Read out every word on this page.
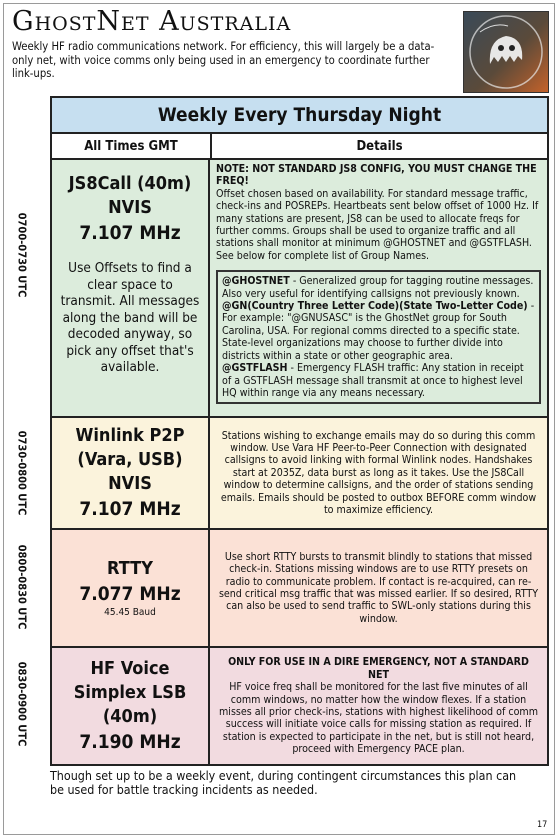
GhostNet Australia
Weekly HF radio communications network. For efficiency, this will largely be a data-only net, with voice comms only being used in an emergency to coordinate further link-ups.
Weekly Every Thursday Night
All Times GMT	Details
JS8Call (40m) NVIS
7.107 MHz
Use Offsets to find a clear space to transmit. All messages along the band will be decoded anyway, so pick any offset that's available.
NOTE: NOT STANDARD JS8 CONFIG, YOU MUST CHANGE THE FREQ!
Offset chosen based on availability. For standard message traffic, check-ins and POSREPs. Heartbeats sent below offset of 1000 Hz. If many stations are present, JS8 can be used to allocate freqs for further comms. Groups shall be used to organize traffic and all stations shall monitor at minimum @GHOSTNET and @GSTFLASH. See below for complete list of Group Names.
@GHOSTNET - Generalized group for tagging routine messages. Also very useful for identifying callsigns not previously known.
@GN(Country Three Letter Code)(State Two-Letter Code) - For example: "@GNUSASC" is the GhostNet group for South Carolina, USA. For regional comms directed to a specific state. State-level organizations may choose to further divide into districts within a state or other geographic area.
@GSTFLASH - Emergency FLASH traffic: Any station in receipt of a GSTFLASH message shall transmit at once to highest level HQ within range via any means necessary.
Winlink P2P (Vara, USB) NVIS
7.107 MHz
Stations wishing to exchange emails may do so during this comm window. Use Vara HF Peer-to-Peer Connection with designated callsigns to avoid linking with formal Winlink nodes. Handshakes start at 2035Z, data burst as long as it takes. Use the JS8Call window to determine callsigns, and the order of stations sending emails. Emails should be posted to outbox BEFORE comm window to maximize efficiency.
RTTY
7.077 MHz
45.45 Baud
Use short RTTY bursts to transmit blindly to stations that missed check-in. Stations missing windows are to use RTTY presets on radio to communicate problem. If contact is re-acquired, can re-send critical msg traffic that was missed earlier. If so desired, RTTY can also be used to send traffic to SWL-only stations during this window.
HF Voice Simplex LSB (40m)
7.190 MHz
ONLY FOR USE IN A DIRE EMERGENCY, NOT A STANDARD NET
HF voice freq shall be monitored for the last five minutes of all comm windows, no matter how the window flexes. If a station misses all prior check-ins, stations with highest likelihood of comm success will initiate voice calls for missing station as required. If station is expected to participate in the net, but is still not heard, proceed with Emergency PACE plan.
0700-0730 UTC
0730-0800 UTC
0800-0830 UTC
0830-0900 UTC
Though set up to be a weekly event, during contingent circumstances this plan can be used for battle tracking incidents as needed.
17
